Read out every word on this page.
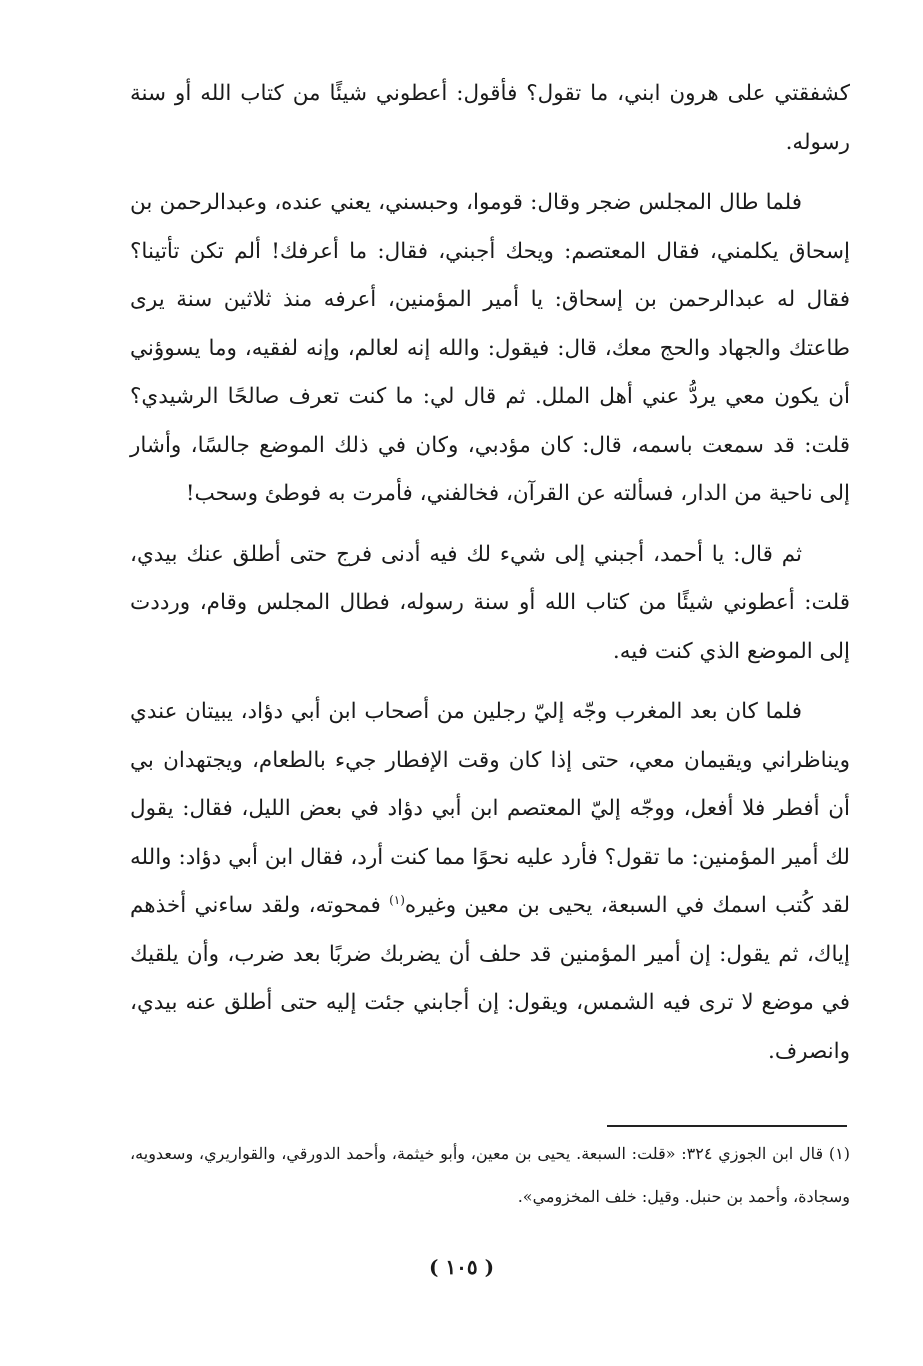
كشفقتي على هرون ابني، ما تقول؟ فأقول: أعطوني شيئًا من كتاب الله أو سنة رسوله.

فلما طال المجلس ضجر وقال: قوموا، وحبسني، يعني عنده، وعبدالرحمن بن إسحاق يكلمني، فقال المعتصم: ويحك أجبني، فقال: ما أعرفك! ألم تكن تأتينا؟ فقال له عبدالرحمن بن إسحاق: يا أمير المؤمنين، أعرفه منذ ثلاثين سنة يرى طاعتك والجهاد والحج معك، قال: فيقول: والله إنه لعالم، وإنه لفقيه، وما يسوؤني أن يكون معي يردُّ عني أهل الملل. ثم قال لي: ما كنت تعرف صالحًا الرشيدي؟ قلت: قد سمعت باسمه، قال: كان مؤدبي، وكان في ذلك الموضع جالسًا، وأشار إلى ناحية من الدار، فسألته عن القرآن، فخالفني، فأمرت به فوطئ وسحب!

ثم قال: يا أحمد، أجبني إلى شيء لك فيه أدنى فرج حتى أطلق عنك بيدي، قلت: أعطوني شيئًا من كتاب الله أو سنة رسوله، فطال المجلس وقام، ورددت إلى الموضع الذي كنت فيه.

فلما كان بعد المغرب وجّه إليّ رجلين من أصحاب ابن أبي دؤاد، يبيتان عندي ويناظراني ويقيمان معي، حتى إذا كان وقت الإفطار جيء بالطعام، ويجتهدان بي أن أفطر فلا أفعل، ووجّه إليّ المعتصم ابن أبي دؤاد في بعض الليل، فقال: يقول لك أمير المؤمنين: ما تقول؟ فأرد عليه نحوًا مما كنت أرد، فقال ابن أبي دؤاد: والله لقد كُتب اسمك في السبعة، يحيى بن معين وغيره$^{(١)}$ فمحوته، ولقد ساءني أخذهم إياك، ثم يقول: إن أمير المؤمنين قد حلف أن يضربك ضربًا بعد ضرب، وأن يلقيك في موضع لا ترى فيه الشمس، ويقول: إن أجابني جئت إليه حتى أطلق عنه بيدي، وانصرف.

(١) قال ابن الجوزي ٣٢٤: «قلت: السبعة. يحيى بن معين، وأبو خيثمة، وأحمد الدورقي، والقواريري، وسعدويه، وسجادة، وأحمد بن حنبل. وقيل: خلف المخزومي».

( ١٠٥ )
